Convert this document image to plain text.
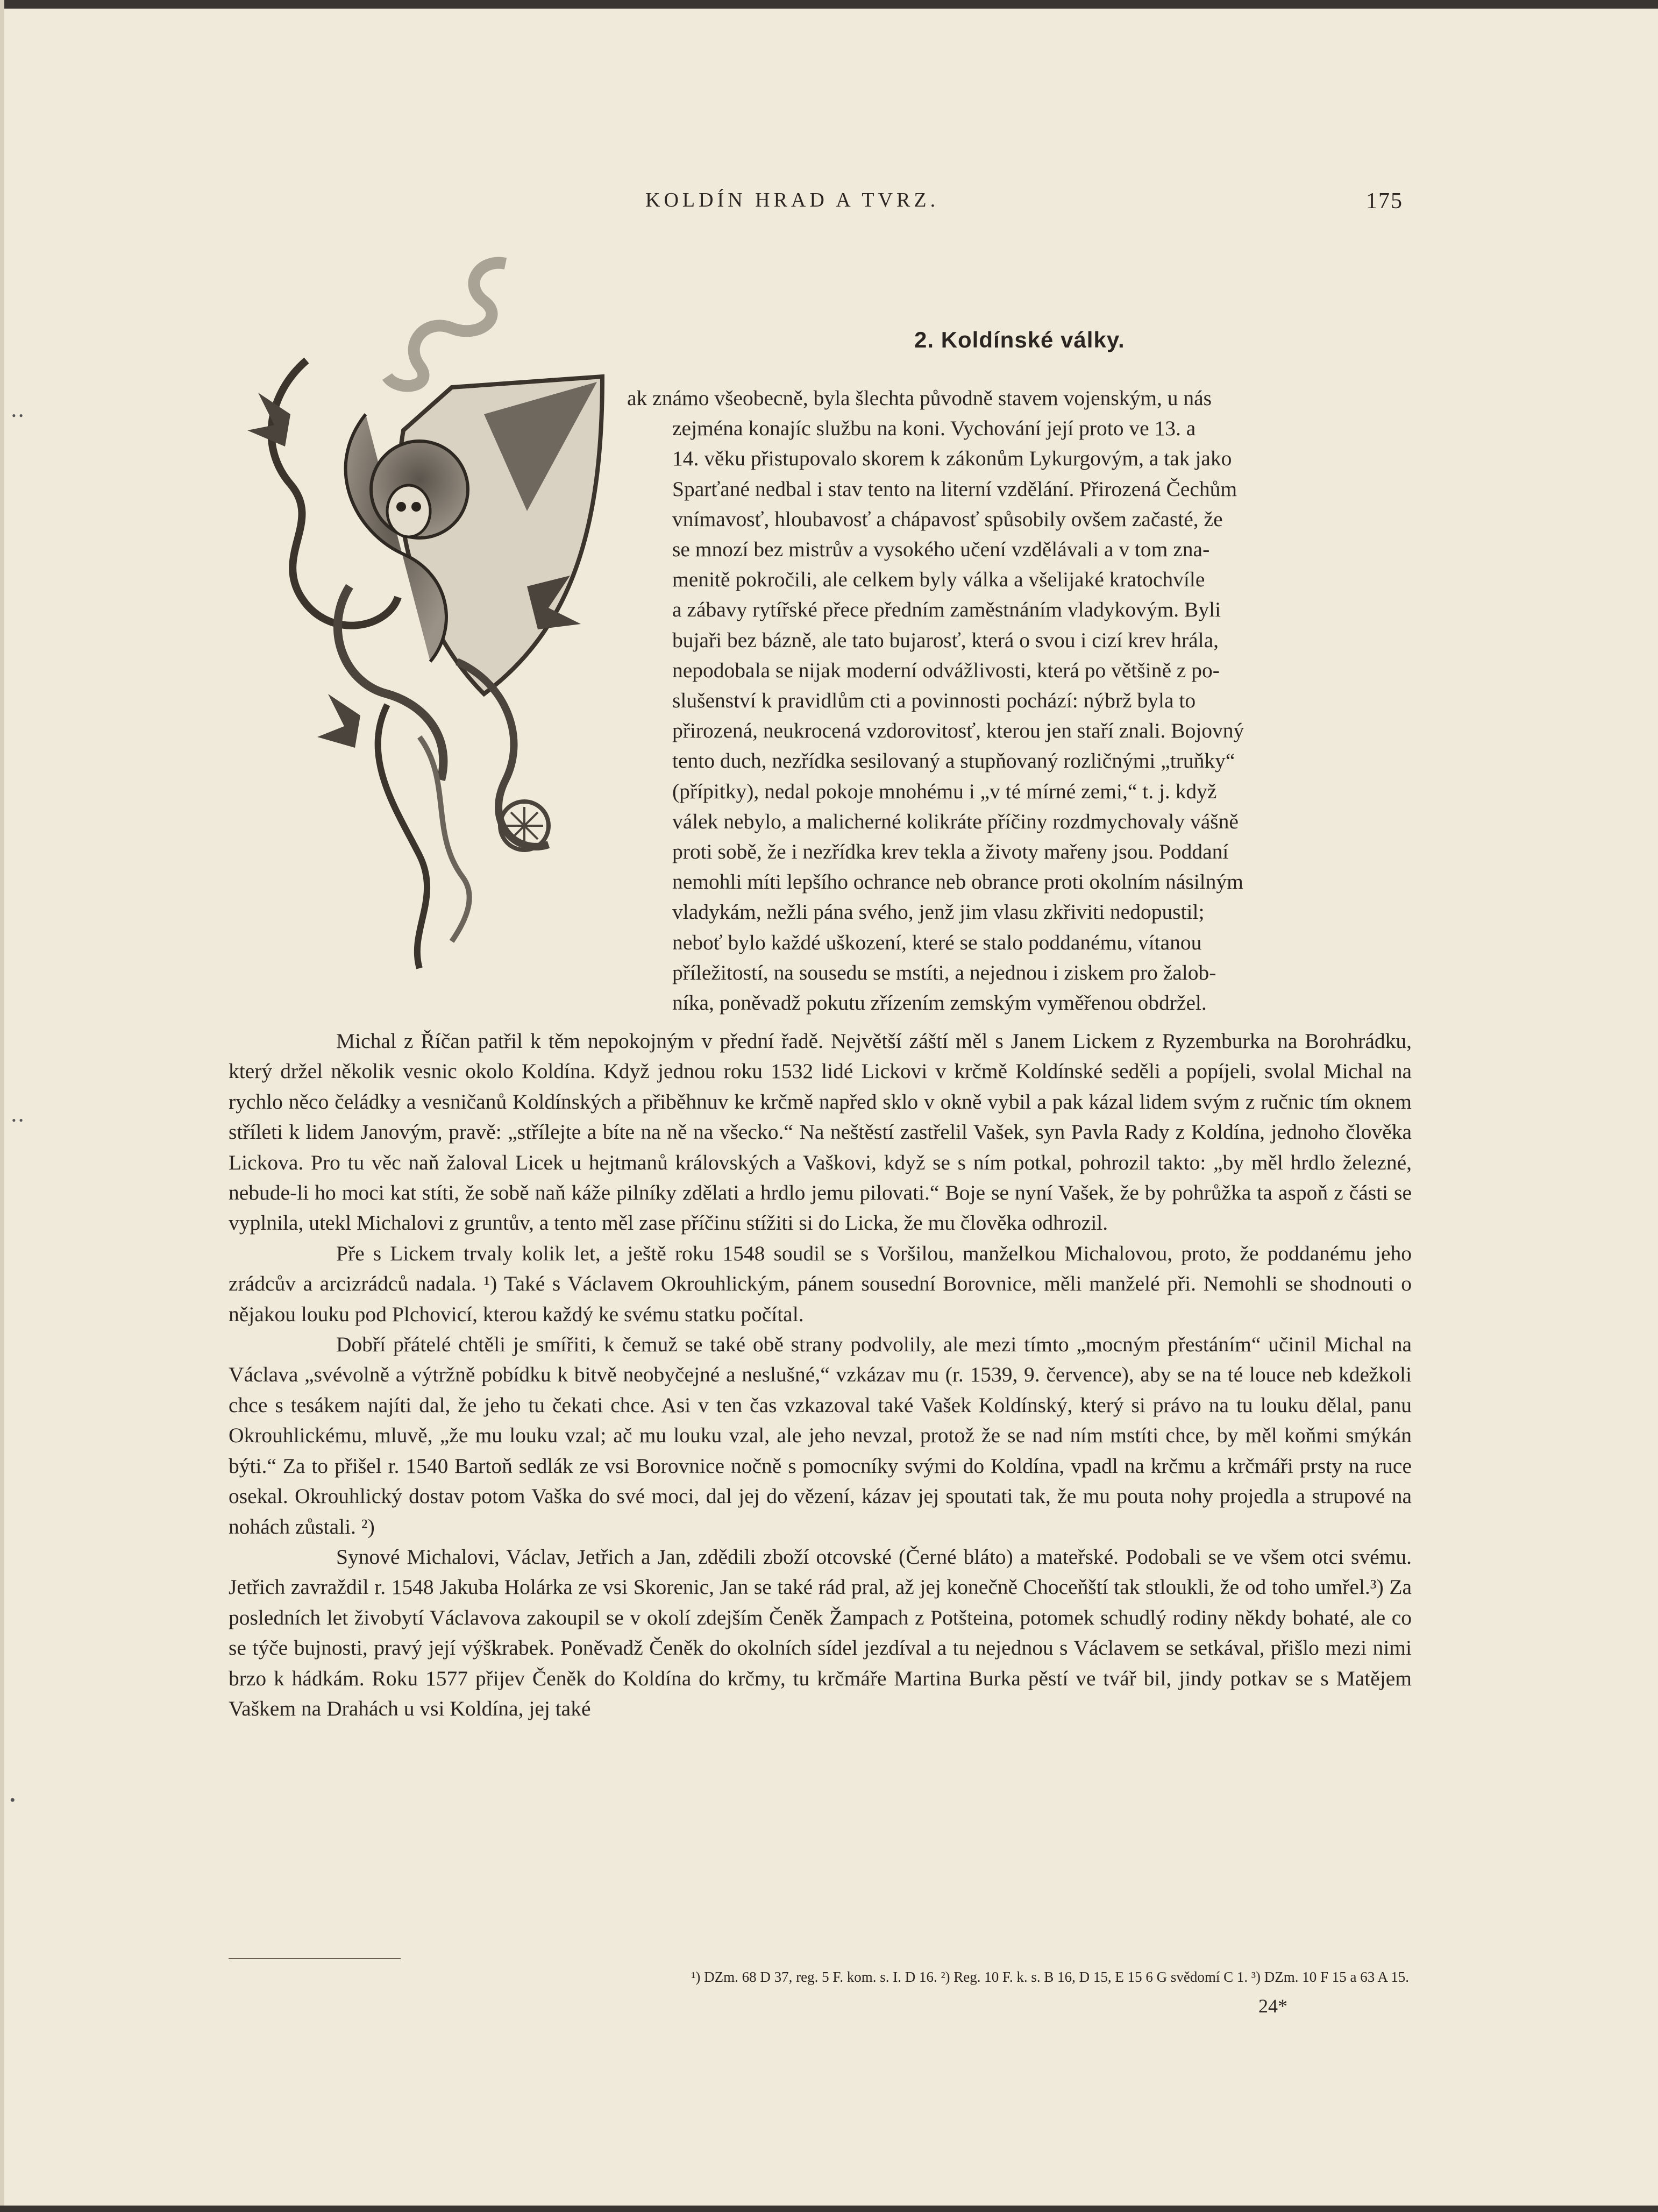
KOLDÍN HRAD A TVRZ.	175
2. Koldínské války.

ak známo všeobecně, byla šlechta původně stavem vojenským, u nás

zejména konajíc službu na koni. Vychování její proto ve 13. a

14. věku přistupovalo skorem k zákonům Lykurgovým, a tak jako

Sparťané nedbal i stav tento na literní vzdělání. Přirozená Čechům

vnímavosť, hloubavosť a chápavosť spůsobily ovšem začasté, že

se mnozí bez mistrův a vysokého učení vzdělávali a v tom zna-

menitě pokročili, ale celkem byly válka a všelijaké kratochvíle

a zábavy rytířské přece předním zaměstnáním vladykovým. Byli

bujaři bez bázně, ale tato bujarosť, která o svou i cizí krev hrála,

nepodobala se nijak moderní odvážlivosti, která po většině z po-

slušenství k pravidlům cti a povinnosti pochází: nýbrž byla to

přirozená, neukrocená vzdorovitosť, kterou jen staří znali. Bojovný

tento duch, nezřídka sesilovaný a stupňovaný rozličnými „truňky“

(přípitky), nedal pokoje mnohému i „v té mírné zemi,“ t. j. když

válek nebylo, a malicherné kolikráte příčiny rozdmychovaly vášně

proti sobě, že i nezřídka krev tekla a životy mařeny jsou. Poddaní

nemohli míti lepšího ochrance neb obrance proti okolním násilným

vladykám, nežli pána svého, jenž jim vlasu zkřiviti nedopustil;

neboť bylo každé uškození, které se stalo poddanému, vítanou

příležitostí, na sousedu se mstíti, a nejednou i ziskem pro žalob-

níka, poněvadž pokutu zřízením zemským vyměřenou obdržel.

Michal z Říčan patřil k těm nepokojným v přední řadě. Největší záští měl s Janem Lickem z Ryzemburka na Borohrádku, který držel několik vesnic okolo Koldína. Když jednou roku 1532 lidé Lickovi v krčmě Koldínské seděli a popíjeli, svolal Michal na rychlo něco čeládky a vesničanů Koldínských a přiběhnuv ke krčmě napřed sklo v okně vybil a pak kázal lidem svým z ručnic tím oknem stříleti k lidem Janovým, pravě: „střílejte a bíte na ně na všecko.“ Na neštěstí zastřelil Vašek, syn Pavla Rady z Koldína, jednoho člověka Lickova. Pro tu věc naň žaloval Licek u hejtmanů královských a Vaškovi, když se s ním potkal, pohrozil takto: „by měl hrdlo železné, nebude-li ho moci kat stíti, že sobě naň káže pilníky zdělati a hrdlo jemu pilovati.“ Boje se nyní Vašek, že by pohrůžka ta aspoň z části se vyplnila, utekl Michalovi z gruntův, a tento měl zase příčinu stížiti si do Licka, že mu člověka odhrozil.

Pře s Lickem trvaly kolik let, a ještě roku 1548 soudil se s Voršilou, manželkou Michalovou, proto, že poddanému jeho zrádcův a arcizrádců nadala. ¹) Také s Václavem Okrouhlickým, pánem sousední Borovnice, měli manželé při. Nemohli se shodnouti o nějakou louku pod Plchovicí, kterou každý ke svému statku počítal.

Dobří přátelé chtěli je smířiti, k čemuž se také obě strany podvolily, ale mezi tímto „mocným přestáním“ učinil Michal na Václava „svévolně a výtržně pobídku k bitvě neobyčejné a neslušné,“ vzkázav mu (r. 1539, 9. července), aby se na té louce neb kdežkoli chce s tesákem najíti dal, že jeho tu čekati chce. Asi v ten čas vzkazoval také Vašek Koldínský, který si právo na tu louku dělal, panu Okrouhlickému, mluvě, „že mu louku vzal; ač mu louku vzal, ale jeho nevzal, protož že se nad ním mstíti chce, by měl koňmi smýkán býti.“ Za to přišel r. 1540 Bartoň sedlák ze vsi Borovnice nočně s pomocníky svými do Koldína, vpadl na krčmu a krčmáři prsty na ruce osekal. Okrouhlický dostav potom Vaška do své moci, dal jej do vězení, kázav jej spoutati tak, že mu pouta nohy projedla a strupové na nohách zůstali. ²)

Synové Michalovi, Václav, Jetřich a Jan, zdědili zboží otcovské (Černé bláto) a mateřské. Podobali se ve všem otci svému. Jetřich zavraždil r. 1548 Jakuba Holárka ze vsi Skorenic, Jan se také rád pral, až jej konečně Choceňští tak stloukli, že od toho umřel.³) Za posledních let živobytí Václavova zakoupil se v okolí zdejším Čeněk Žampach z Potšteina, potomek schudlý rodiny někdy bohaté, ale co se týče bujnosti, pravý její výškrabek. Poněvadž Čeněk do okolních sídel jezdíval a tu nejednou s Václavem se setkával, přišlo mezi nimi brzo k hádkám. Roku 1577 přijev Čeněk do Koldína do krčmy, tu krčmáře Martina Burka pěstí ve tvář bil, jindy potkav se s Matějem Vaškem na Drahách u vsi Koldína, jej také

¹) DZm. 68 D 37, reg. 5 F. kom. s. I. D 16. ²) Reg. 10 F. k. s. B 16, D 15, E 15 6 G svědomí C 1. ³) DZm. 10 F 15 a 63 A 15.
24*
• •
• •
•
